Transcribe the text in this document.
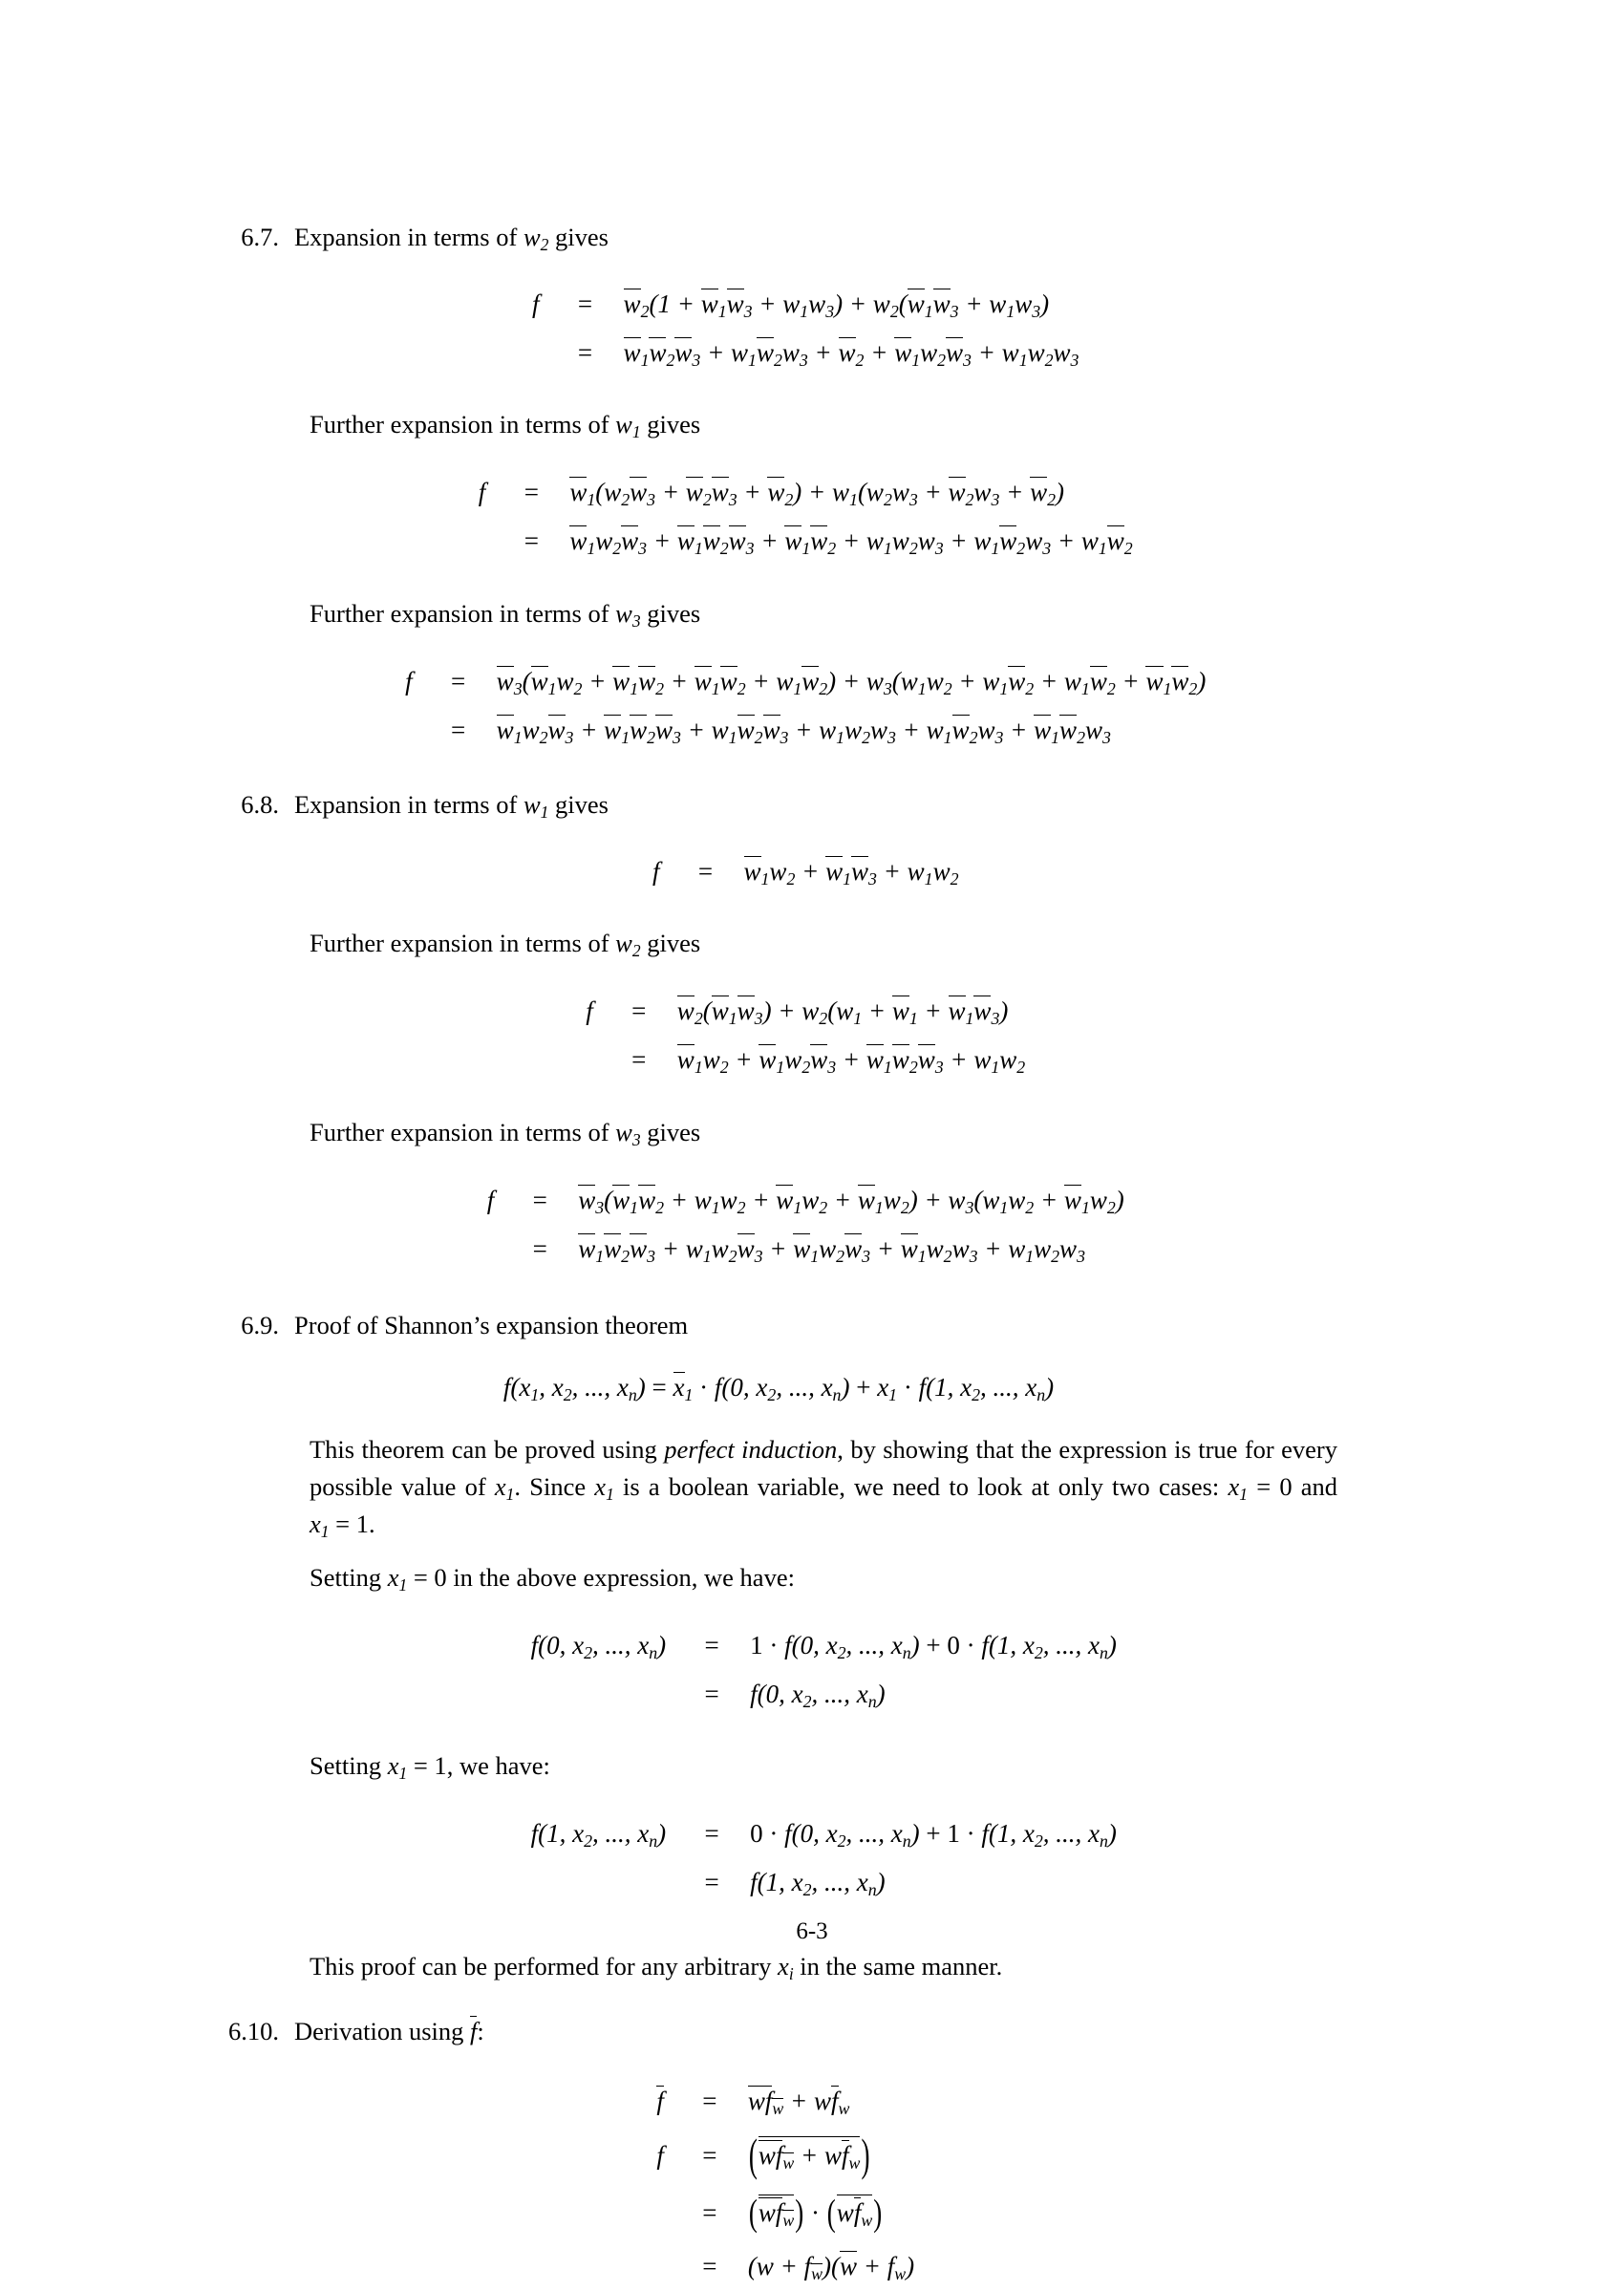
6.7. Expansion in terms of $w_2$ gives
f	=	$w_2(1 + w_1w_3 + w_1w_3) + w_2(w_1w_3 + w_1w_3)$
=	$w_1w_2w_3 + w_1w_2w_3 + w_2 + w_1w_2w_3 + w_1w_2w_3$
Further expansion in terms of $w_1$ gives
f	=	$w_1(w_2w_3 + w_2w_3 + w_2) + w_1(w_2w_3 + w_2w_3 + w_2)$
=	$w_1w_2w_3 + w_1w_2w_3 + w_1w_2 + w_1w_2w_3 + w_1w_2w_3 + w_1w_2$
Further expansion in terms of $w_3$ gives
f	=	$w_3(w_1w_2 + w_1w_2 + w_1w_2 + w_1w_2) + w_3(w_1w_2 + w_1w_2 + w_1w_2 + w_1w_2)$
=	$w_1w_2w_3 + w_1w_2w_3 + w_1w_2w_3 + w_1w_2w_3 + w_1w_2w_3 + w_1w_2w_3$
6.8. Expansion in terms of $w_1$ gives
f	=	$w_1w_2 + w_1w_3 + w_1w_2$
Further expansion in terms of $w_2$ gives
f	=	$w_2(w_1w_3) + w_2(w_1 + w_1 + w_1w_3)$
=	$w_1w_2 + w_1w_2w_3 + w_1w_2w_3 + w_1w_2$
Further expansion in terms of $w_3$ gives
f	=	$w_3(w_1w_2 + w_1w_2 + w_1w_2 + w_1w_2) + w_3(w_1w_2 + w_1w_2)$
=	$w_1w_2w_3 + w_1w_2w_3 + w_1w_2w_3 + w_1w_2w_3 + w_1w_2w_3$
6.9. Proof of Shannon’s expansion theorem
$f(x_1$, $x_2$, ..., $x_n) = x_1 \cdot f(0$, $x_2$, ..., $x_n) + x_1 \cdot f(1$, $x_2$, ..., $x_n$)
This theorem can be proved using perfect induction, by showing that the expression is true for every possible value of $x_1$. Since $x_1$ is a boolean variable, we need to look at only two cases: $x_1 = 0$ and $x_1 = 1$.
Setting $x_1 = 0$ in the above expression, we have:
f(0, $x_2$, ..., $x_n$)	=	1 · f(0, $x_2$, ..., $x_n) + 0 \cdot f(1$, $x_2$, ..., $x_n$)
=	f(0, $x_2$, ..., $x_n$)
Setting $x_1 = 1$, we have:
f(1, $x_2$, ..., $x_n$)	=	0 · f(0, $x_2$, ..., $x_n) + 1 \cdot f(1$, $x_2$, ..., $x_n$)
=	f(1, $x_2$, ..., $x_n$)
This proof can be performed for any arbitrary $x_i$ in the same manner.
6.10. Derivation using f:
f	=	$wf_w + wf_w$
f	=	$(wf_w + wf_w)$
=	$(wf_w) \cdot (wf_w)$
=	$(w + f_w)(w + f_w)$
6-3
